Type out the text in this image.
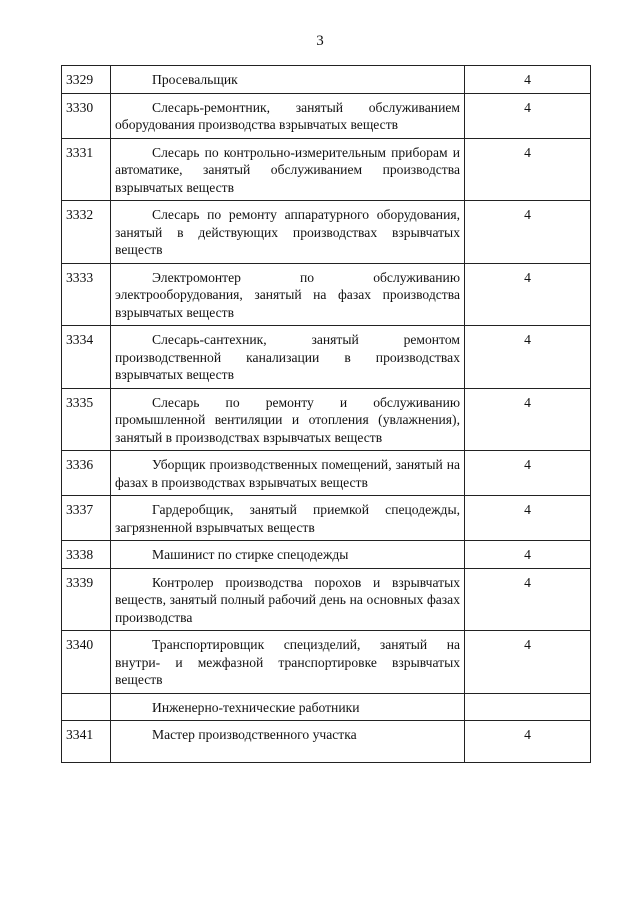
3
3329	Просевальщик	4
3330	Слесарь-ремонтник, занятый обслуживанием оборудования производства взрывчатых веществ	4
3331	Слесарь по контрольно-измерительным приборам и автоматике, занятый обслуживанием производства взрывчатых веществ	4
3332	Слесарь по ремонту аппаратурного оборудования, занятый в действующих производствах взрывчатых веществ	4
3333	Электромонтер по обслуживанию электрооборудования, занятый на фазах производства взрывчатых веществ	4
3334	Слесарь-сантехник, занятый ремонтом производственной канализации в производствах взрывчатых веществ	4
3335	Слесарь по ремонту и обслуживанию промышленной вентиляции и отопления (увлажнения), занятый в производствах взрывчатых веществ	4
3336	Уборщик производственных помещений, занятый на фазах в производствах взрывчатых веществ	4
3337	Гардеробщик, занятый приемкой спецодежды, загрязненной взрывчатых веществ	4
3338	Машинист по стирке спецодежды	4
3339	Контролер производства порохов и взрывчатых веществ, занятый полный рабочий день на основных фазах производства	4
3340	Транспортировщик специзделий, занятый на внутри- и межфазной транспортировке взрывчатых веществ	4
	Инженерно-технические работники	
3341	Мастер производственного участка	4
